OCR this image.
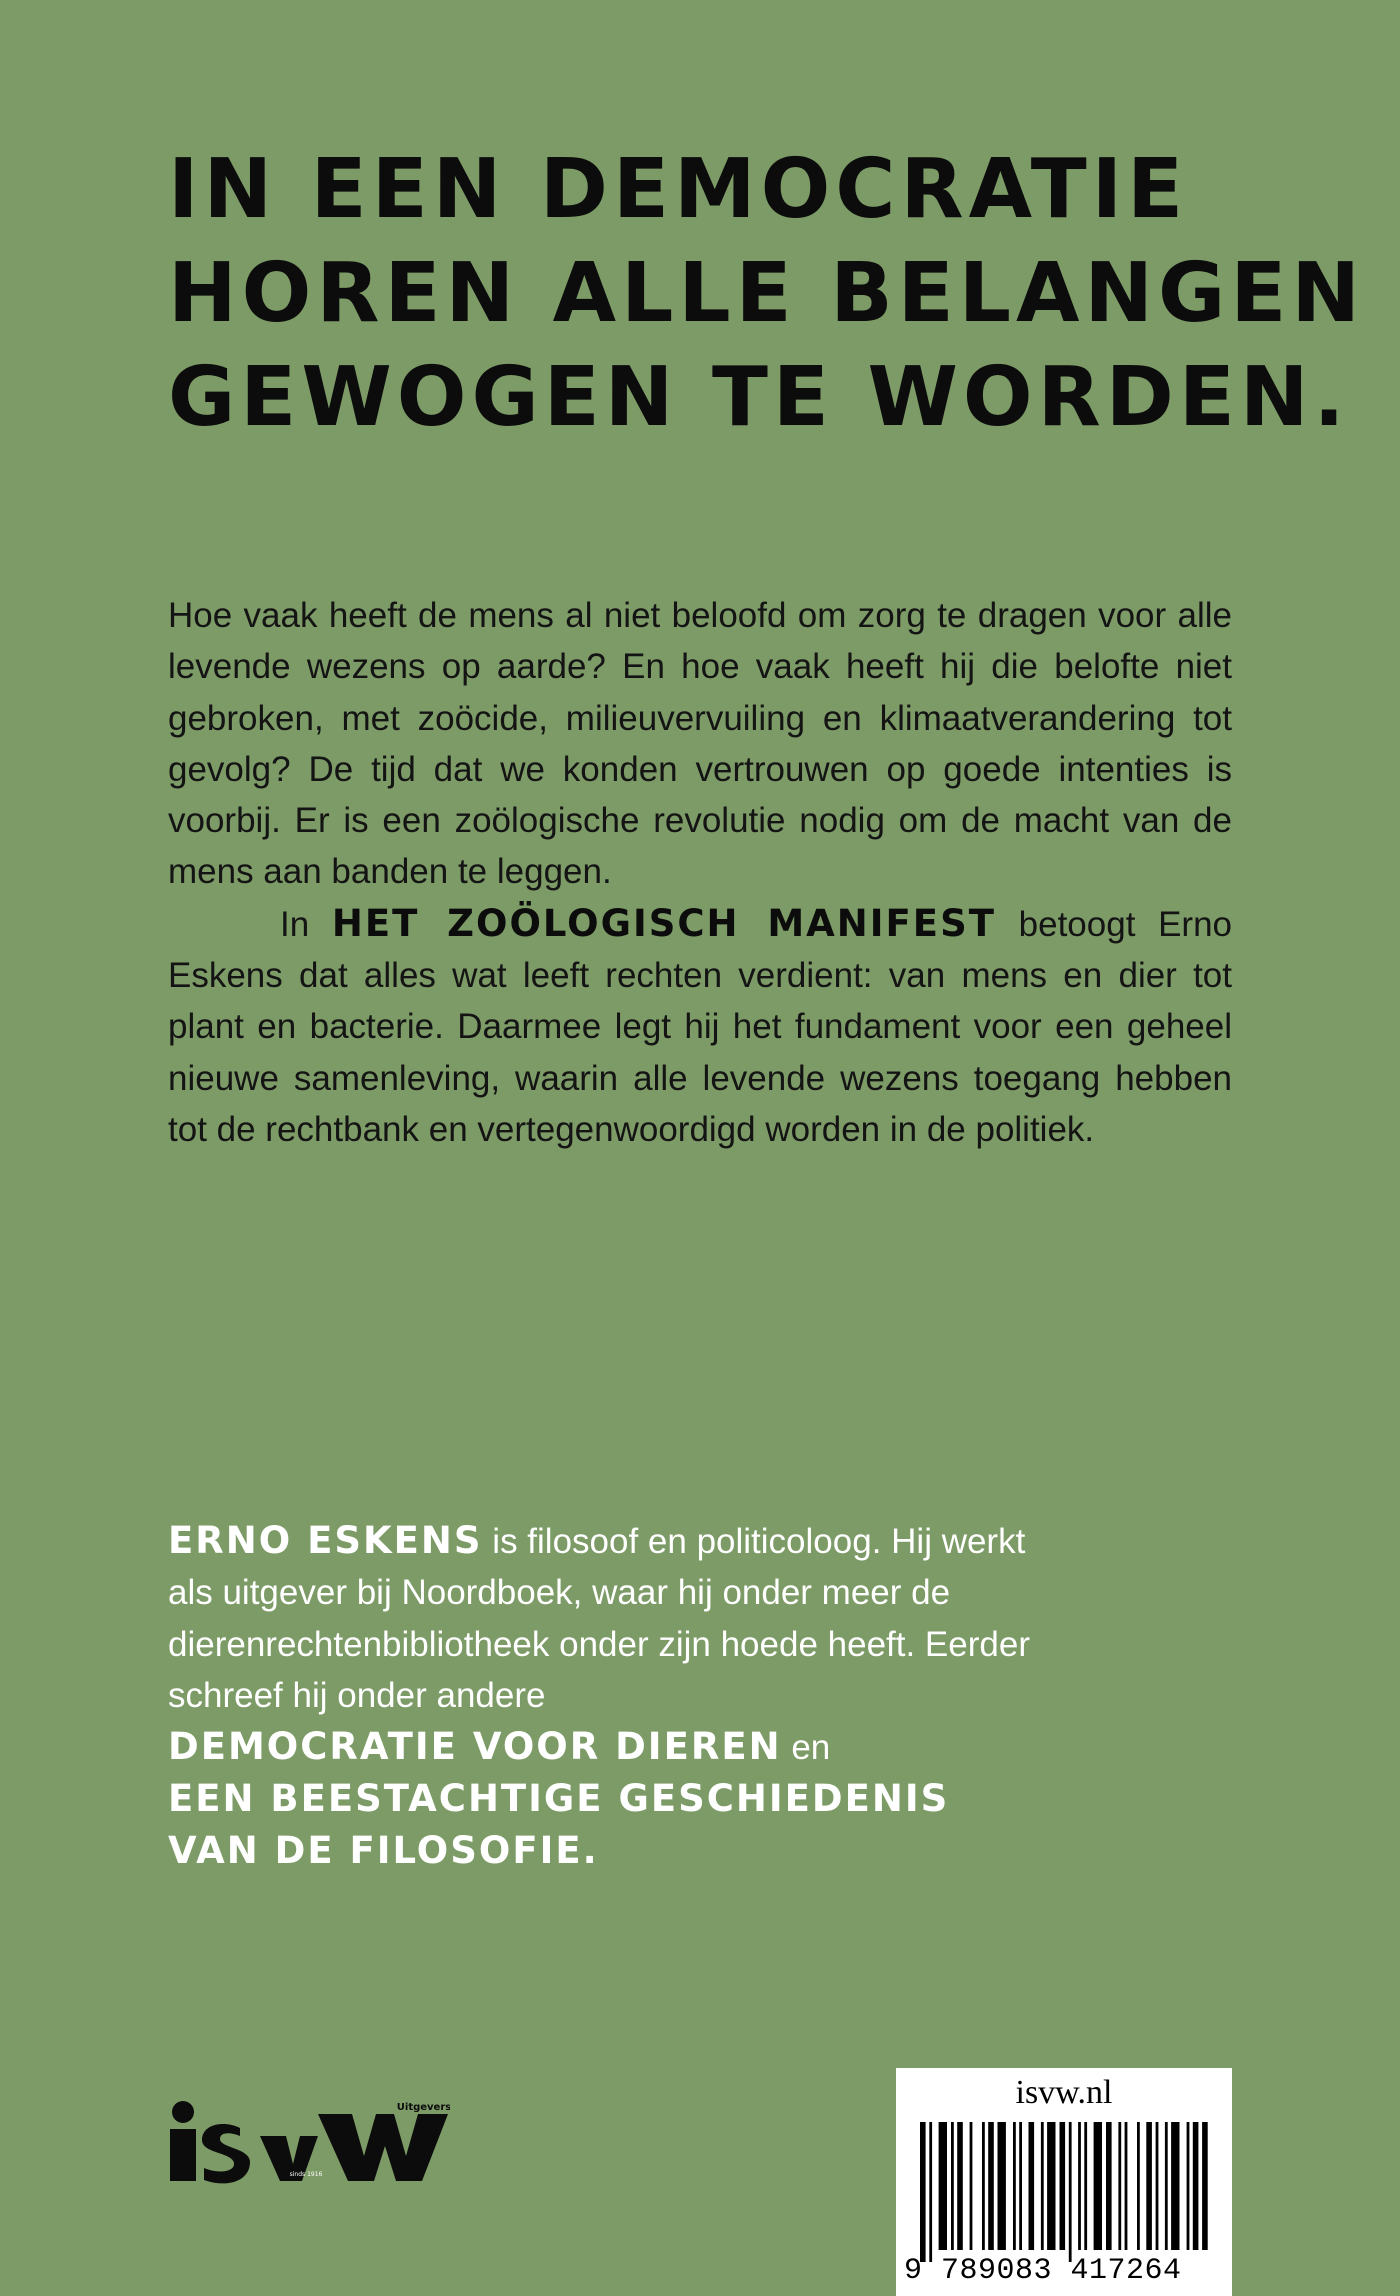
IN EEN DEMOCRATIE
HOREN ALLE BELANGEN
GEWOGEN TE WORDEN.

Hoe vaak heeft de mens al niet beloofd om zorg te dragen voor alle levende wezens op aarde? En hoe vaak heeft hij die belofte niet gebroken, met zoöcide, milieuvervuiling en klimaatverandering tot gevolg? De tijd dat we konden vertrouwen op goede intenties is voorbij. Er is een zoölogische revolutie nodig om de macht van de mens aan banden te leggen.

In HET ZOÖLOGISCH MANIFEST betoogt Erno Eskens dat alles wat leeft rechten verdient: van mens en dier tot plant en bacterie. Daarmee legt hij het fundament voor een geheel nieuwe samenleving, waarin alle levende wezens toegang hebben tot de rechtbank en vertegenwoordigd worden in de politiek.

ERNO ESKENS is filosoof en politicoloog. Hij werkt als uitgever bij Noordboek, waar hij onder meer de dierenrechtenbibliotheek onder zijn hoede heeft. Eerder schreef hij onder andere
DEMOCRATIE VOOR DIEREN en
EEN BEESTACHTIGE GESCHIEDENIS
VAN DE FILOSOFIE.
Uitgevers
sinds 1916
isvw.nl
9 789083 417264
